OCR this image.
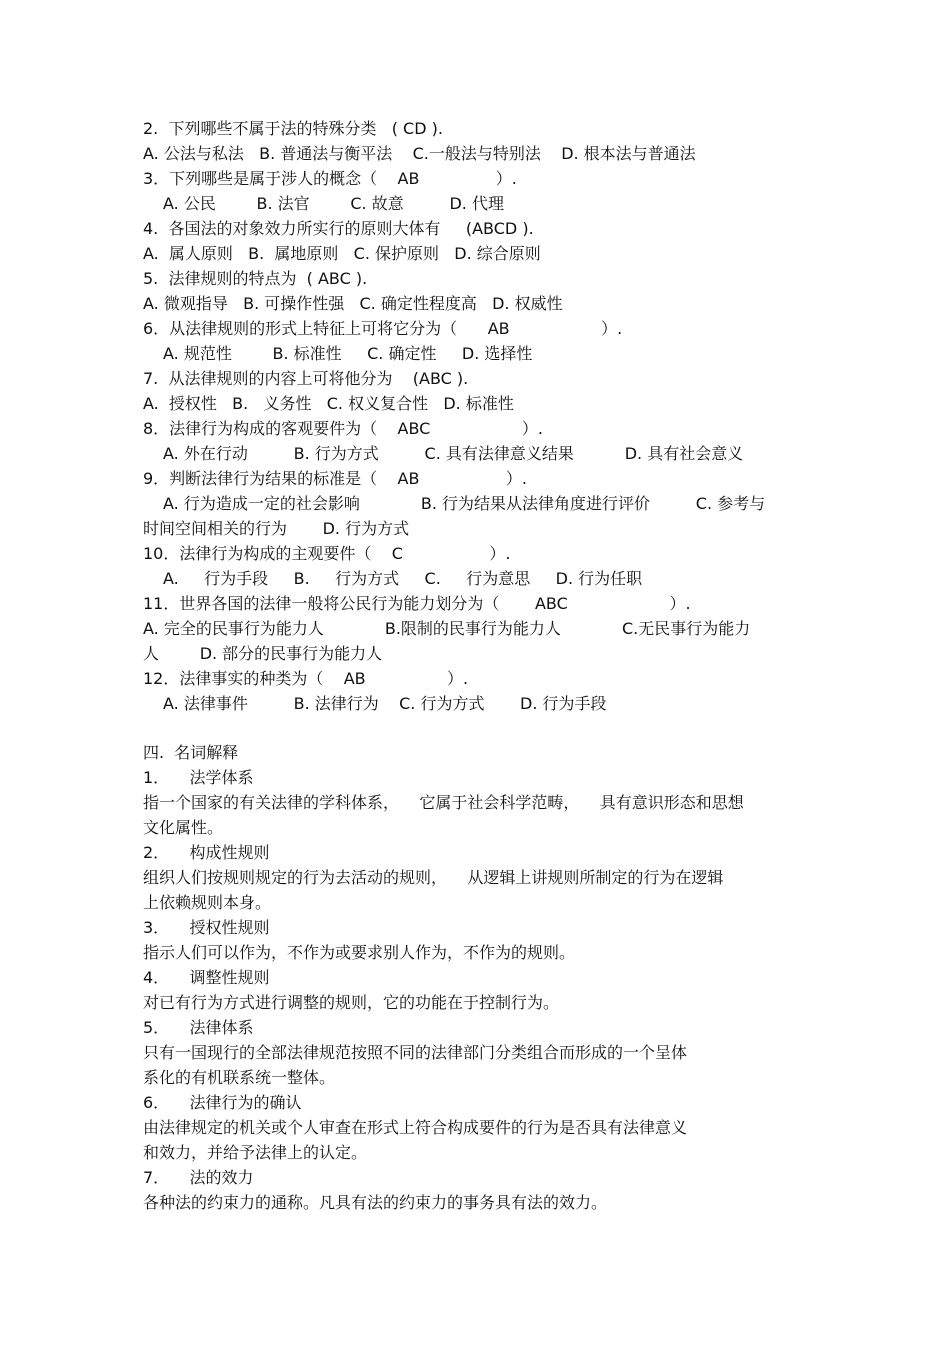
2.  下列哪些不属于法的特殊分类   ( CD ).
A. 公法与私法   B. 普通法与衡平法    C.一般法与特别法    D. 根本法与普通法
3．下列哪些是属于涉人的概念（    AB               ）.
A. 公民        B. 法官        C. 故意         D. 代理
4.  各国法的对象效力所实行的原则大体有     (ABCD ).
A.  属人原则   B.  属地原则   C. 保护原则   D. 综合原则
5.  法律规则的特点为  ( ABC ).
A. 微观指导   B. 可操作性强   C. 确定性程度高   D. 权威性
6．从法律规则的形式上特征上可将它分为（      AB                  ）.
A. 规范性        B. 标准性     C. 确定性     D. 选择性
7.  从法律规则的内容上可将他分为    (ABC ).
A.  授权性   B.   义务性   C. 权义复合性   D. 标准性
8．法律行为构成的客观要件为（    ABC                  ）.
A. 外在行动         B. 行为方式         C. 具有法律意义结果          D. 具有社会意义
9．判断法律行为结果的标准是（    AB                 ）.
A. 行为造成一定的社会影响            B. 行为结果从法律角度进行评价         C. 参考与
时间空间相关的行为       D. 行为方式
10．法律行为构成的主观要件（    C                 ）.
A.     行为手段     B.     行为方式     C.     行为意思     D. 行为任职
11．世界各国的法律一般将公民行为能力划分为（       ABC                    ）.
A. 完全的民事行为能力人            B.限制的民事行为能力人            C.无民事行为能力
人        D. 部分的民事行为能力人
12．法律事实的种类为（    AB                ）.
A. 法律事件         B. 法律行为    C. 行为方式       D. 行为手段
四.  名词解释
1．    法学体系
指一个国家的有关法律的学科体系，    它属于社会科学范畴，    具有意识形态和思想
文化属性。
2．    构成性规则
组织人们按规则规定的行为去活动的规则，    从逻辑上讲规则所制定的行为在逻辑
上依赖规则本身。
3．    授权性规则
指示人们可以作为，不作为或要求别人作为，不作为的规则。
4．    调整性规则
对已有行为方式进行调整的规则，它的功能在于控制行为。
5．    法律体系
只有一国现行的全部法律规范按照不同的法律部门分类组合而形成的一个呈体
系化的有机联系统一整体。
6．    法律行为的确认
由法律规定的机关或个人审查在形式上符合构成要件的行为是否具有法律意义
和效力，并给予法律上的认定。
7．    法的效力
各种法的约束力的通称。凡具有法的约束力的事务具有法的效力。
